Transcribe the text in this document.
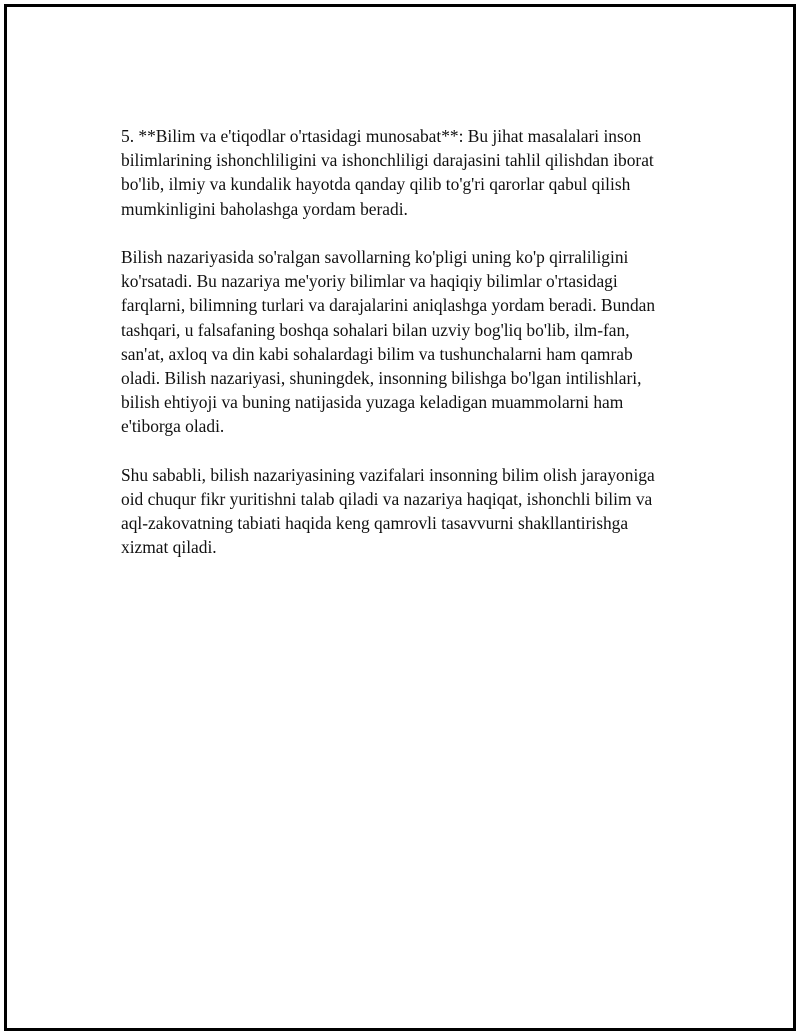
5. **Bilim va e'tiqodlar o'rtasidagi munosabat**: Bu jihat masalalari inson
bilimlarining ishonchliligini va ishonchliligi darajasini tahlil qilishdan iborat
bo'lib, ilmiy va kundalik hayotda qanday qilib to'g'ri qarorlar qabul qilish
mumkinligini baholashga yordam beradi.

Bilish nazariyasida so'ralgan savollarning ko'pligi uning ko'p qirraliligini
ko'rsatadi. Bu nazariya me'yoriy bilimlar va haqiqiy bilimlar o'rtasidagi
farqlarni, bilimning turlari va darajalarini aniqlashga yordam beradi. Bundan
tashqari, u falsafaning boshqa sohalari bilan uzviy bog'liq bo'lib, ilm-fan,
san'at, axloq va din kabi sohalardagi bilim va tushunchalarni ham qamrab
oladi. Bilish nazariyasi, shuningdek, insonning bilishga bo'lgan intilishlari,
bilish ehtiyoji va buning natijasida yuzaga keladigan muammolarni ham
e'tiborga oladi.

Shu sababli, bilish nazariyasining vazifalari insonning bilim olish jarayoniga
oid chuqur fikr yuritishni talab qiladi va nazariya haqiqat, ishonchli bilim va
aql-zakovatning tabiati haqida keng qamrovli tasavvurni shakllantirishga
xizmat qiladi.
